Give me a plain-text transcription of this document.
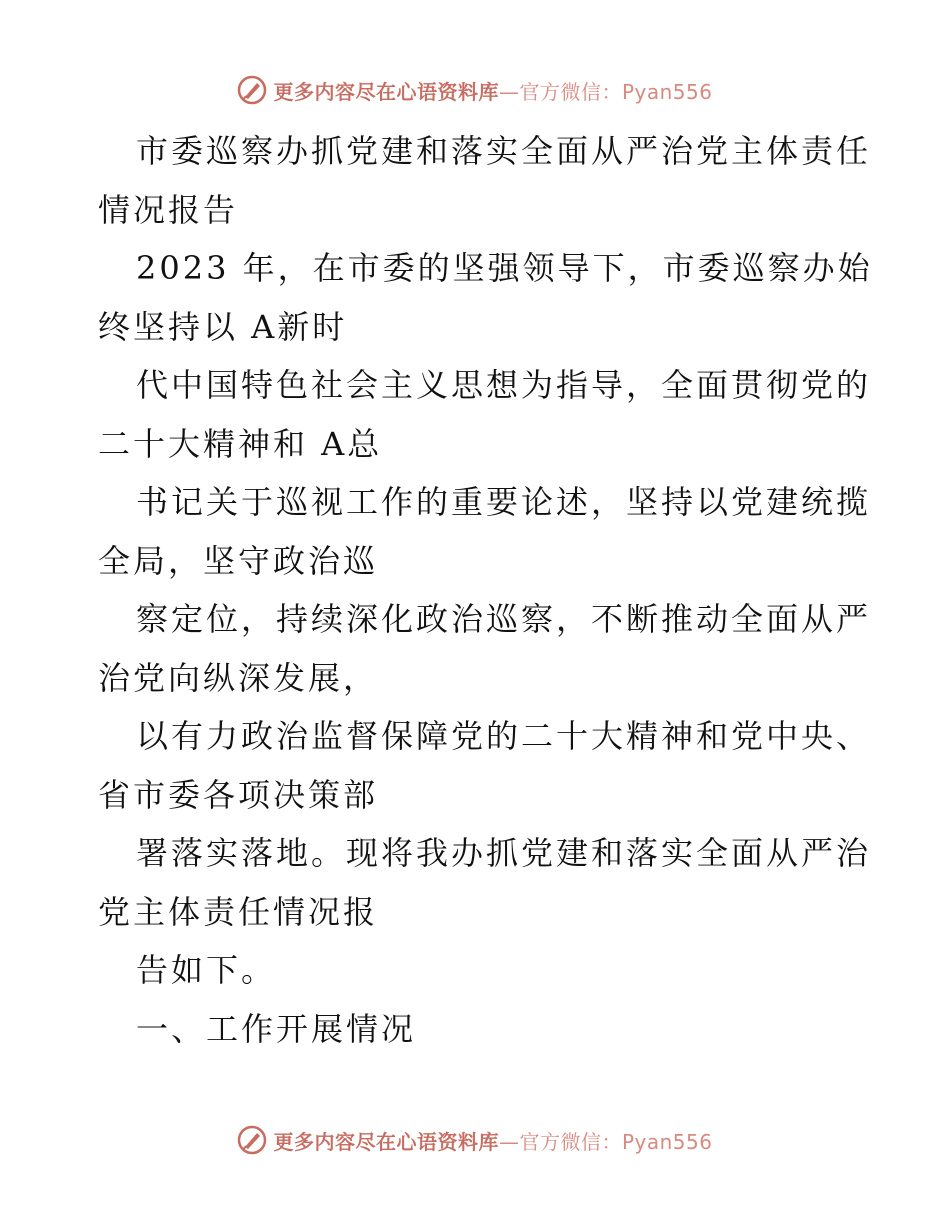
更多内容尽在心语资料库—官方微信：Pyan556
市委巡察办抓党建和落实全面从严治党主体责任
情况报告
2023 年，在市委的坚强领导下，市委巡察办始
终坚持以 A新时
代中国特色社会主义思想为指导，全面贯彻党的
二十大精神和 A总
书记关于巡视工作的重要论述，坚持以党建统揽
全局，坚守政治巡
察定位，持续深化政治巡察，不断推动全面从严
治党向纵深发展，
以有力政治监督保障党的二十大精神和党中央、
省市委各项决策部
署落实落地。现将我办抓党建和落实全面从严治
党主体责任情况报
告如下。
一、工作开展情况
更多内容尽在心语资料库—官方微信：Pyan556
